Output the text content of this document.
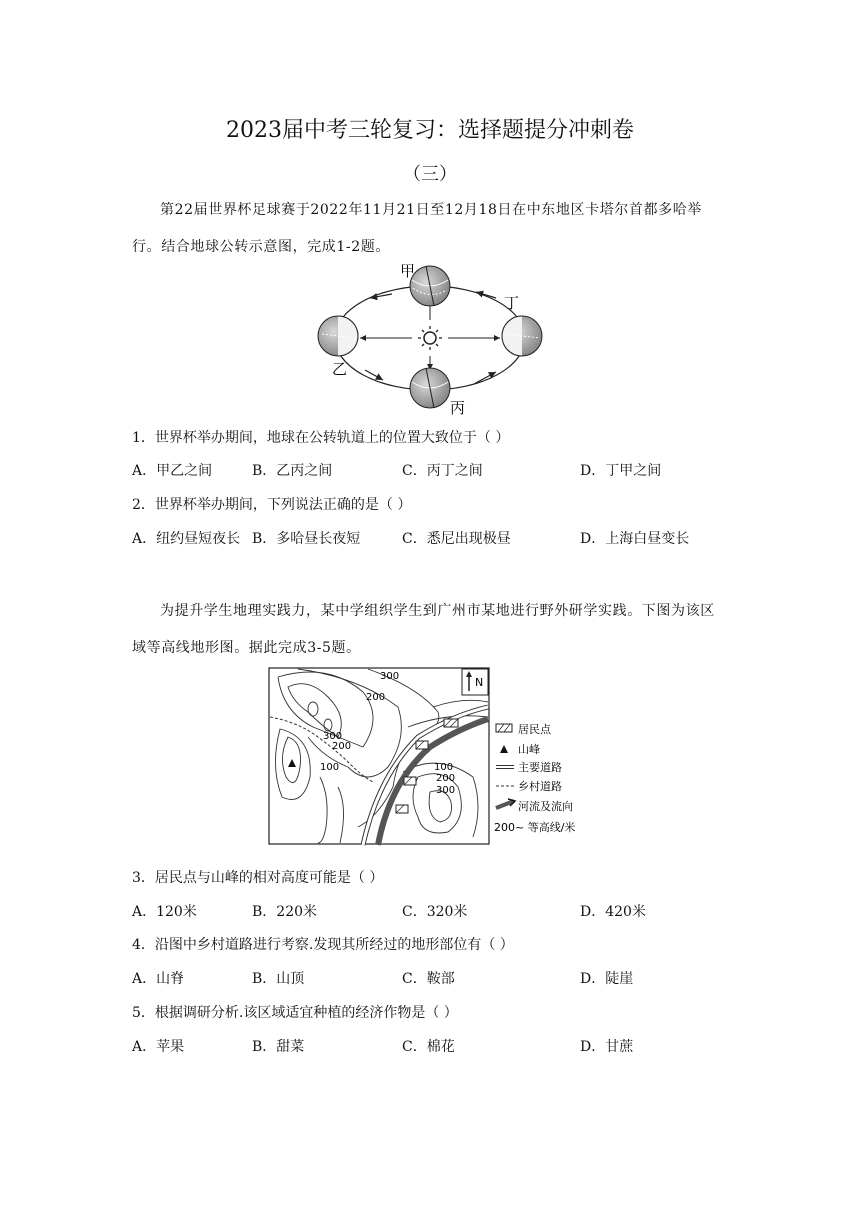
2023届中考三轮复习：选择题提分冲刺卷
（三）
第22届世界杯足球赛于2022年11月21日至12月18日在中东地区卡塔尔首都多哈举
行。结合地球公转示意图，完成1-2题。
甲
乙
丙
丁
1．世界杯举办期间，地球在公转轨道上的位置大致位于（ ）
A．甲乙之间	B．乙丙之间	C．丙丁之间	D．丁甲之间
2．世界杯举办期间，下列说法正确的是（ ）
A．纽约昼短夜长 B．多哈昼长夜短	C．悉尼出现极昼	D．上海白昼变长
为提升学生地理实践力，某中学组织学生到广州市某地进行野外研学实践。下图为该区
域等高线地形图。据此完成3-5题。
N
300
200
300
200
100	100
200
300
居民点
山峰
主要道路
乡村道路
河流及流向
200~ 等高线/米
3．居民点与山峰的相对高度可能是（ ）
A．120米	B．220米	C．320米	D．420米
4．沿图中乡村道路进行考察.发现其所经过的地形部位有（ ）
A．山脊	B．山顶	C．鞍部	D．陡崖
5．根据调研分析.该区域适宜种植的经济作物是（ ）
A．苹果	B．甜菜	C．棉花	D．甘蔗
